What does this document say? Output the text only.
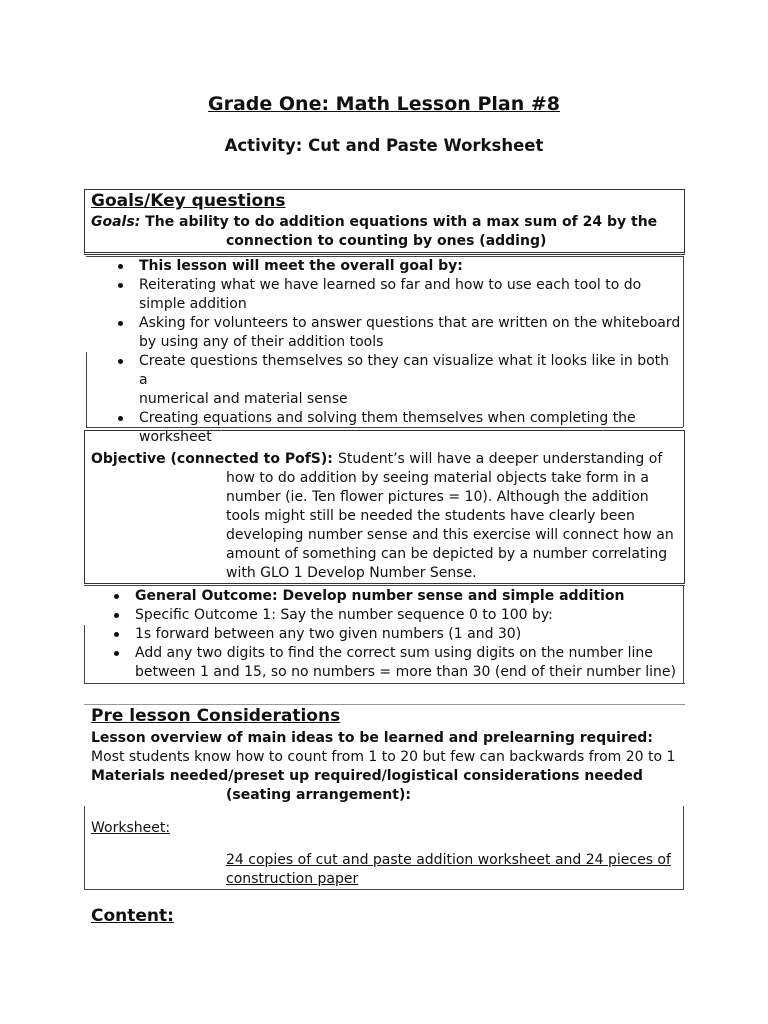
Grade One: Math Lesson Plan #8
Activity: Cut and Paste Worksheet
Goals/Key questions
Goals: The ability to do addition equations with a max sum of 24 by the
connection to counting by ones (adding)
This lesson will meet the overall goal by:
Reiterating what we have learned so far and how to use each tool to do
simple addition
Asking for volunteers to answer questions that are written on the whiteboard
by using any of their addition tools
Create questions themselves so they can visualize what it looks like in both a
numerical and material sense
Creating equations and solving them themselves when completing the
worksheet
Objective (connected to PofS): Student’s will have a deeper understanding of
how to do addition by seeing material objects take form in a
number (ie. Ten flower pictures = 10). Although the addition
tools might still be needed the students have clearly been
developing number sense and this exercise will connect how an
amount of something can be depicted by a number correlating
with GLO 1 Develop Number Sense.
General Outcome: Develop number sense and simple addition
Specific Outcome 1: Say the number sequence 0 to 100 by:
1s forward between any two given numbers (1 and 30)
Add any two digits to find the correct sum using digits on the number line
between 1 and 15, so no numbers = more than 30 (end of their number line)
Pre lesson Considerations
Lesson overview of main ideas to be learned and prelearning required:
Most students know how to count from 1 to 20 but few can backwards from 20 to 1
Materials needed/preset up required/logistical considerations needed
(seating arrangement):
Worksheet:
24 copies of cut and paste addition worksheet and 24 pieces of
construction paper
Content:
